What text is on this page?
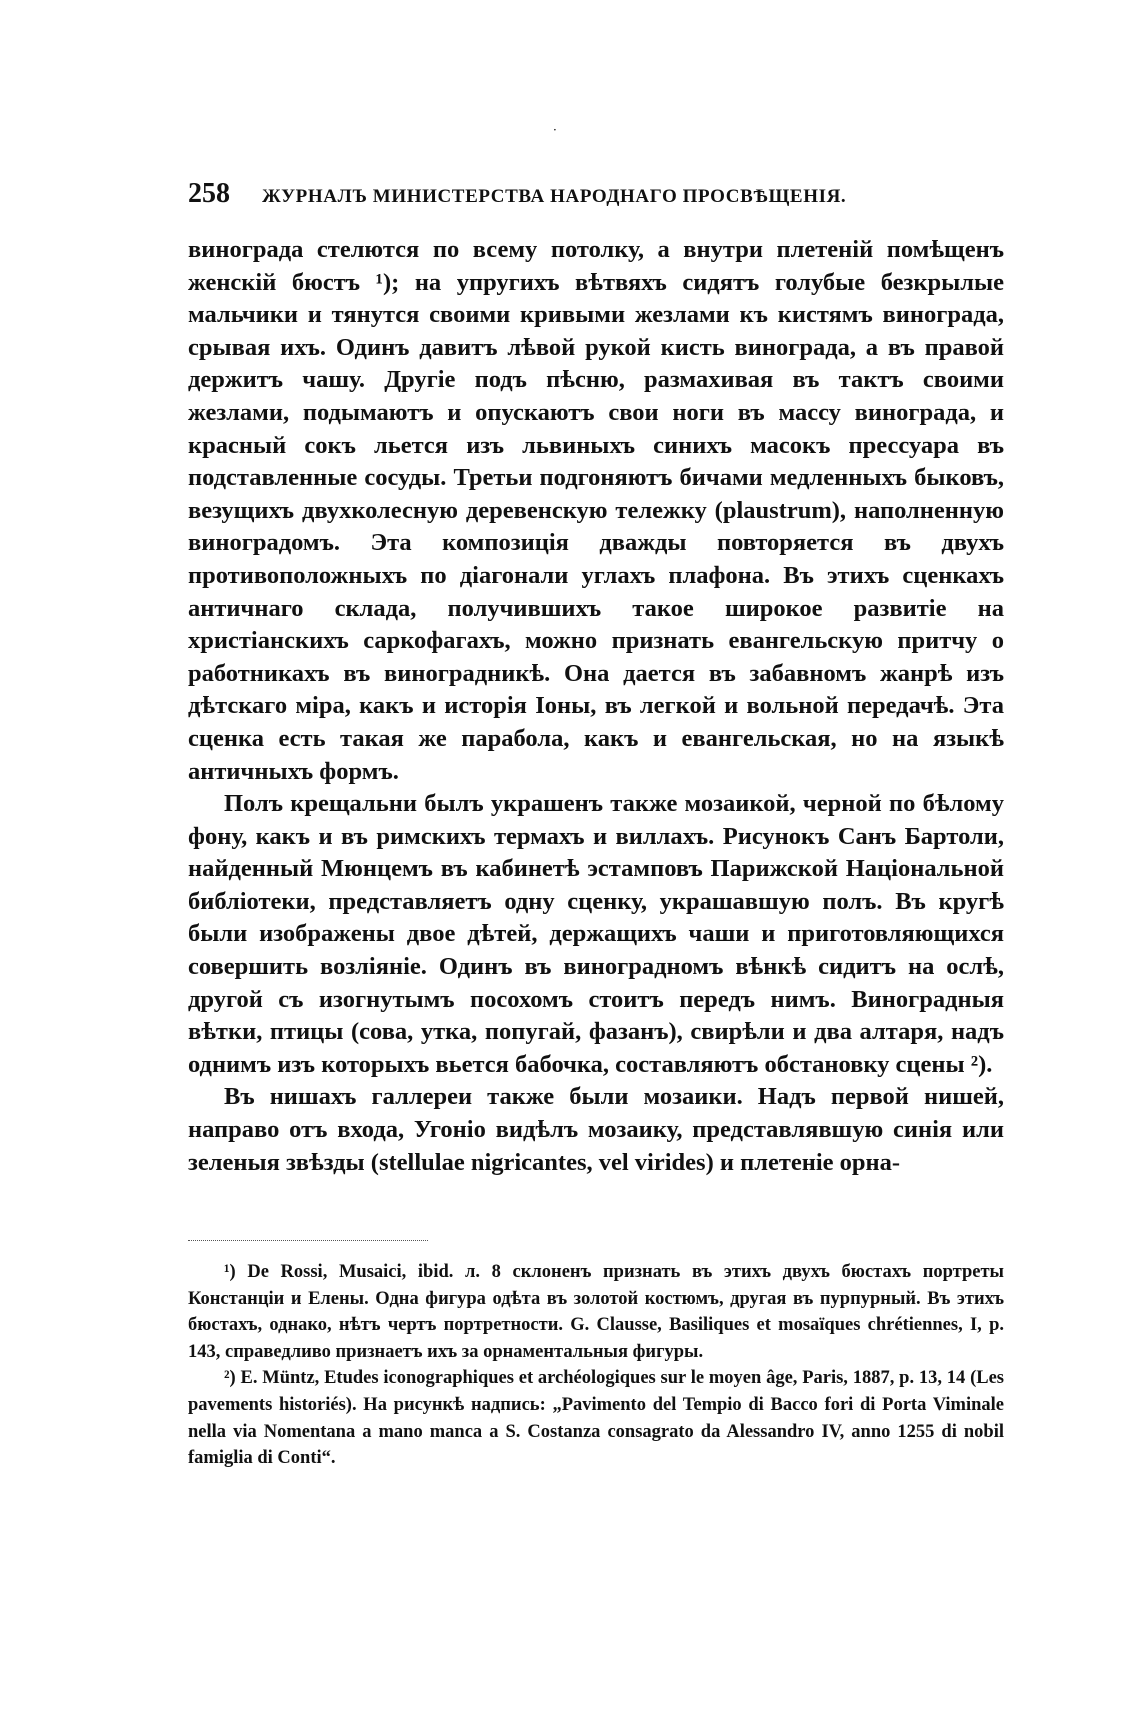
·
258 ЖУРНАЛЪ МИНИСТЕРСТВА НАРОДНАГО ПРОСВѢЩЕНІЯ.

винограда стелются по всему потолку, а внутри плетеній помѣщенъ женскій бюстъ ¹); на упругихъ вѣтвяхъ сидятъ голубые безкрылые мальчики и тянутся своими кривыми жезлами къ кистямъ винограда, срывая ихъ. Одинъ давитъ лѣвой рукой кисть винограда, а въ правой держитъ чашу. Другіе подъ пѣсню, размахивая въ тактъ своими жезлами, подымаютъ и опускаютъ свои ноги въ массу винограда, и красный сокъ льется изъ львиныхъ синихъ масокъ прессуара въ подставленные сосуды. Третьи подгоняютъ бичами медленныхъ быковъ, везущихъ двухколесную деревенскую тележку (plaustrum), наполненную виноградомъ. Эта композиція дважды повторяется въ двухъ противоположныхъ по діагонали углахъ плафона. Въ этихъ сценкахъ античнаго склада, получившихъ такое широкое развитіе на христіанскихъ саркофагахъ, можно признать евангельскую притчу о работникахъ въ виноградникѣ. Она дается въ забавномъ жанрѣ изъ дѣтскаго міра, какъ и исторія Іоны, въ легкой и вольной передачѣ. Эта сценка есть такая же парабола, какъ и евангельская, но на языкѣ античныхъ формъ.

Полъ крещальни былъ украшенъ также мозаикой, черной по бѣлому фону, какъ и въ римскихъ термахъ и виллахъ. Рисунокъ Санъ Бартоли, найденный Мюнцемъ въ кабинетѣ эстамповъ Парижской Національной библіотеки, представляетъ одну сценку, украшавшую полъ. Въ кругѣ были изображены двое дѣтей, держащихъ чаши и приготовляющихся совершить возліяніе. Одинъ въ виноградномъ вѣнкѣ сидитъ на ослѣ, другой съ изогнутымъ посохомъ стоитъ передъ нимъ. Виноградныя вѣтки, птицы (сова, утка, попугай, фазанъ), свирѣли и два алтаря, надъ однимъ изъ которыхъ вьется бабочка, составляютъ обстановку сцены ²).

Въ нишахъ галлереи также были мозаики. Надъ первой нишей, направо отъ входа, Угоніо видѣлъ мозаику, представлявшую синія или зеленыя звѣзды (stellulae nigricantes, vel virides) и плетеніе орна-

¹) De Rossi, Musaici, ibid. л. 8 склоненъ признать въ этихъ двухъ бюстахъ портреты Констанціи и Елены. Одна фигура одѣта въ золотой костюмъ, другая въ пурпурный. Въ этихъ бюстахъ, однако, нѣтъ чертъ портретности. G. Clausse, Basiliques et mosaïques chrétiennes, I, p. 143, справедливо признаетъ ихъ за орнаментальныя фигуры.

²) E. Müntz, Etudes iconographiques et archéologiques sur le moyen âge, Paris, 1887, p. 13, 14 (Les pavements historiés). На рисункѣ надпись: „Pavimento del Tempio di Bacco fori di Porta Viminale nella via Nomentana a mano manca a S. Costanza consagrato da Alessandro IV, anno 1255 di nobil famiglia di Conti“.
